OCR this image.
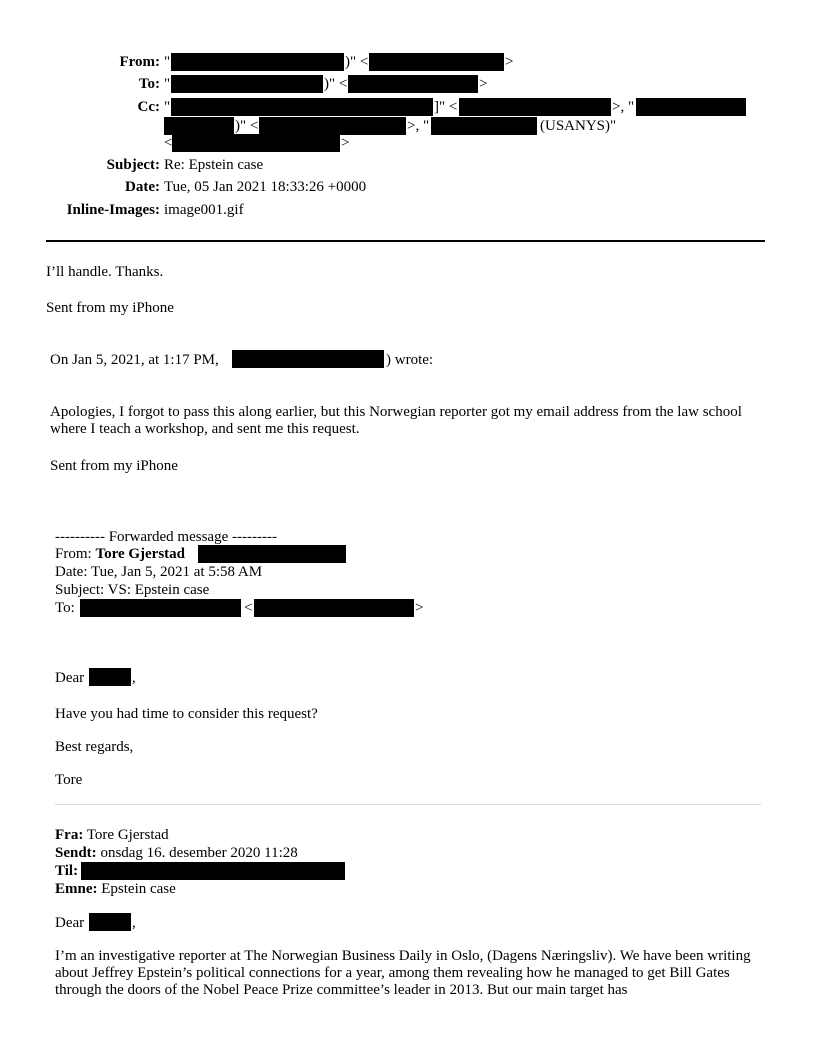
From: "	)" <	>
To: "	)" <	>
Cc: "	]" <	>, "
)" <	>, "	(USANYS)"
<	>
Subject: Re: Epstein case
Date: Tue, 05 Jan 2021 18:33:26 +0000
Inline-Images: image001.gif
I’ll handle. Thanks.
Sent from my iPhone
On Jan 5, 2021, at 1:17 PM,	) wrote:
Apologies, I forgot to pass this along earlier, but this Norwegian reporter got my email address from the law school where I teach a workshop, and sent me this request.
Sent from my iPhone
---------- Forwarded message ---------
From: Tore Gjerstad
Date: Tue, Jan 5, 2021 at 5:58 AM
Subject: VS: Epstein case
To:	<	>
Dear	,
Have you had time to consider this request?
Best regards,
Tore
Fra: Tore Gjerstad
Sendt: onsdag 16. desember 2020 11:28
Til:
Emne: Epstein case
Dear	,
I’m an investigative reporter at The Norwegian Business Daily in Oslo, (Dagens Næringsliv). We have been writing about Jeffrey Epstein’s political connections for a year, among them revealing how he managed to get Bill Gates through the doors of the Nobel Peace Prize committee’s leader in 2013. But our main target has
